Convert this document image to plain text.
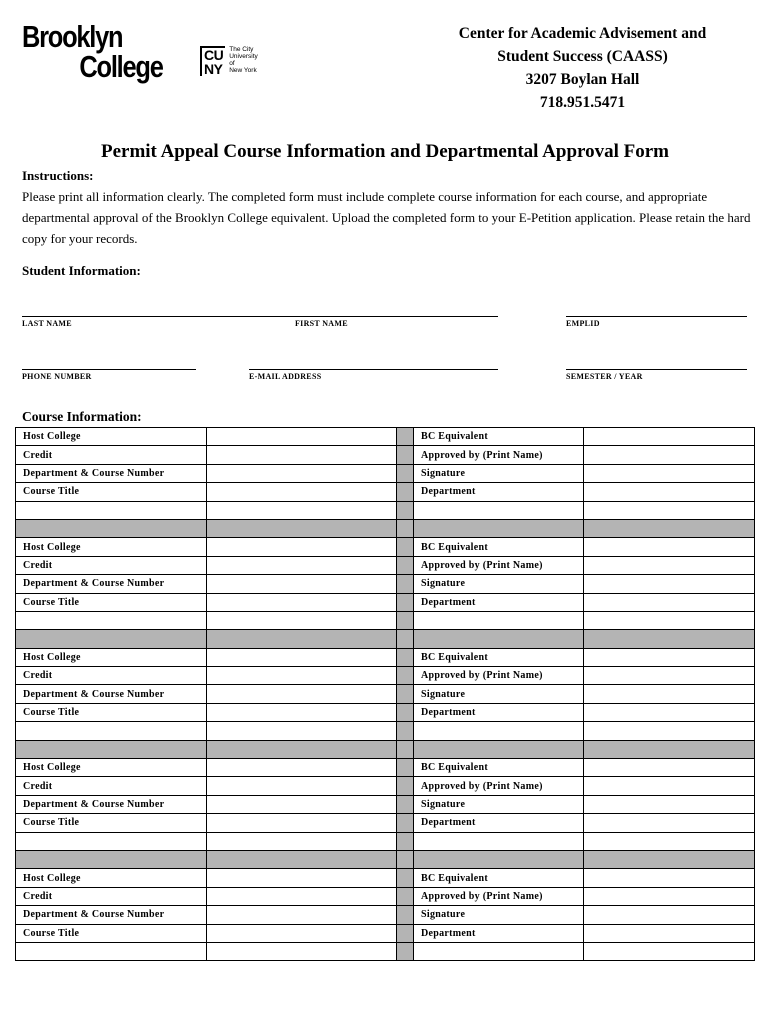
Brooklyn
College	CU
NY
The City
University
of
New York
Center for Academic Advisement and
Student Success (CAASS)
3207 Boylan Hall
718.951.5471
Permit Appeal Course Information and Departmental Approval Form
Instructions:
Please print all information clearly. The completed form must include complete course information for each course, and appropriate departmental approval of the Brooklyn College equivalent. Upload the completed form to your E-Petition application. Please retain the hard copy for your records.
Student Information:
LAST NAME	FIRST NAME	EMPLID
PHONE NUMBER	E-MAIL ADDRESS	SEMESTER / YEAR
Course Information:
Host College			BC Equivalent	
Credit			Approved by (Print Name)	
Department & Course Number			Signature	
Course Title			Department	

Host College			BC Equivalent	
Credit			Approved by (Print Name)	
Department & Course Number			Signature	
Course Title			Department	

Host College			BC Equivalent	
Credit			Approved by (Print Name)	
Department & Course Number			Signature	
Course Title			Department	

Host College			BC Equivalent	
Credit			Approved by (Print Name)	
Department & Course Number			Signature	
Course Title			Department	

Host College			BC Equivalent	
Credit			Approved by (Print Name)	
Department & Course Number			Signature	
Course Title			Department	
